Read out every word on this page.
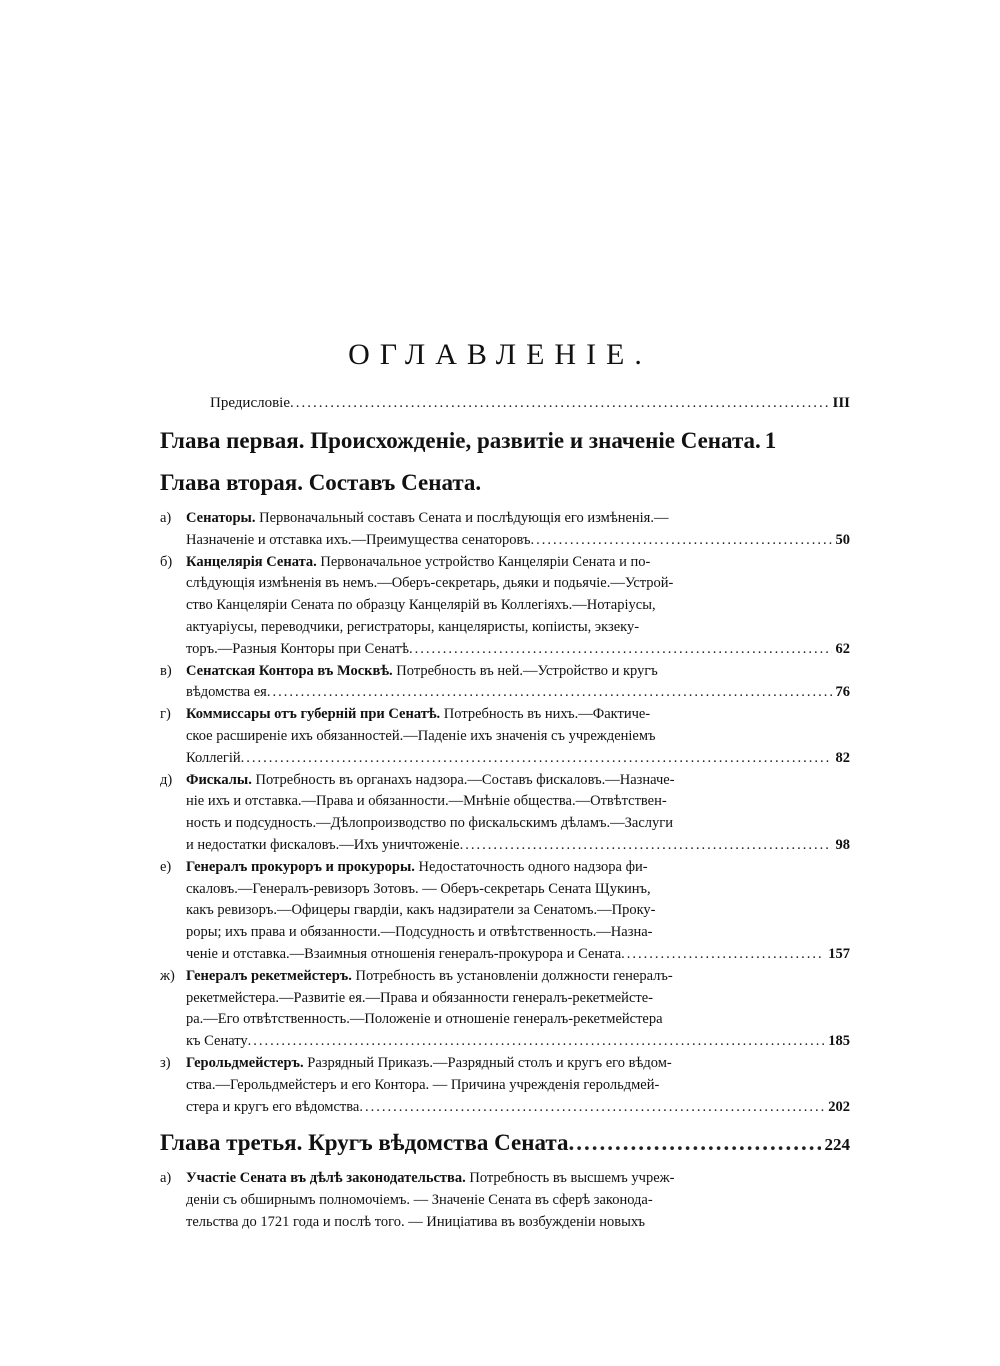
ОГЛАВЛЕНІЕ.
Предисловіе .....	III
Глава первая. Происхожденіе, развитіе и значеніе Сената. 1
Глава вторая. Составъ Сената.
а)	Сенаторы. Первоначальный составъ Сената и послѣдующія его измѣненія.—
Назначеніе и отставка ихъ.—Преимущества сенаторовъ .....	50
б) Канцелярія Сената. Первоначальное устройство Канцеляріи Сената и по-
слѣдующія измѣненія въ немъ.—Оберъ-секретарь, дьяки и подьячіе.—Устрой-
ство Канцеляріи Сената по образцу Канцелярій въ Коллегіяхъ.—Нотаріусы,
актуаріусы, переводчики, регистраторы, канцеляристы, копіисты, экзеку-
торъ.—Разныя Конторы при Сенатѣ .....	62
в) Сенатская Контора въ Москвѣ. Потребность въ ней.—Устройство и кругъ
вѣдомства ея .....	76
г)	Коммиссары отъ губерній при Сенатѣ. Потребность въ нихъ.—Фактиче-
ское расширеніе ихъ обязанностей.—Паденіе ихъ значенія съ учрежденіемъ
Коллегій .....	82
д) Фискалы. Потребность въ органахъ надзора.—Составъ фискаловъ.—Назначе-
ніе ихъ и отставка.—Права и обязанности.—Мнѣніе общества.—Отвѣтствен-
ность и подсудность.—Дѣлопроизводство по фискальскимъ дѣламъ.—Заслуги
и недостатки фискаловъ.—Ихъ уничтоженіе .....	98
е)	Генералъ прокуроръ и прокуроры. Недостаточность одного надзора фи-
скаловъ.—Генералъ-ревизоръ Зотовъ. — Оберъ-секретарь Сената Щукинъ,
какъ ревизоръ.—Офицеры гвардіи, какъ надзиратели за Сенатомъ.—Проку-
роры; ихъ права и обязанности.—Подсудность и отвѣтственность.—Назна-
ченіе и отставка.—Взаимныя отношенія генералъ-прокурора и Сената .....	157
ж) Генералъ рекетмейстеръ. Потребность въ установленіи должности генералъ-
рекетмейстера.—Развитіе ея.—Права и обязанности генералъ-рекетмейсте-
ра.—Его отвѣтственность.—Положеніе и отношеніе генералъ-рекетмейстера
къ Сенату .....	185
з)	Герольдмейстеръ. Разрядный Приказъ.—Разрядный столъ и кругъ его вѣдом-
ства.—Герольдмейстеръ и его Контора. — Причина учрежденія герольдмей-
стера и кругъ его вѣдомства .....	202
Глава третья. Кругъ вѣдомства Сената .....	224
а)	Участіе Сената въ дѣлѣ законодательства. Потребность въ высшемъ учреж-
деніи съ обширнымъ полномочіемъ. — Значеніе Сената въ сферѣ законода-
тельства до 1721 года и послѣ того. — Иниціатива въ возбужденіи новыхъ
